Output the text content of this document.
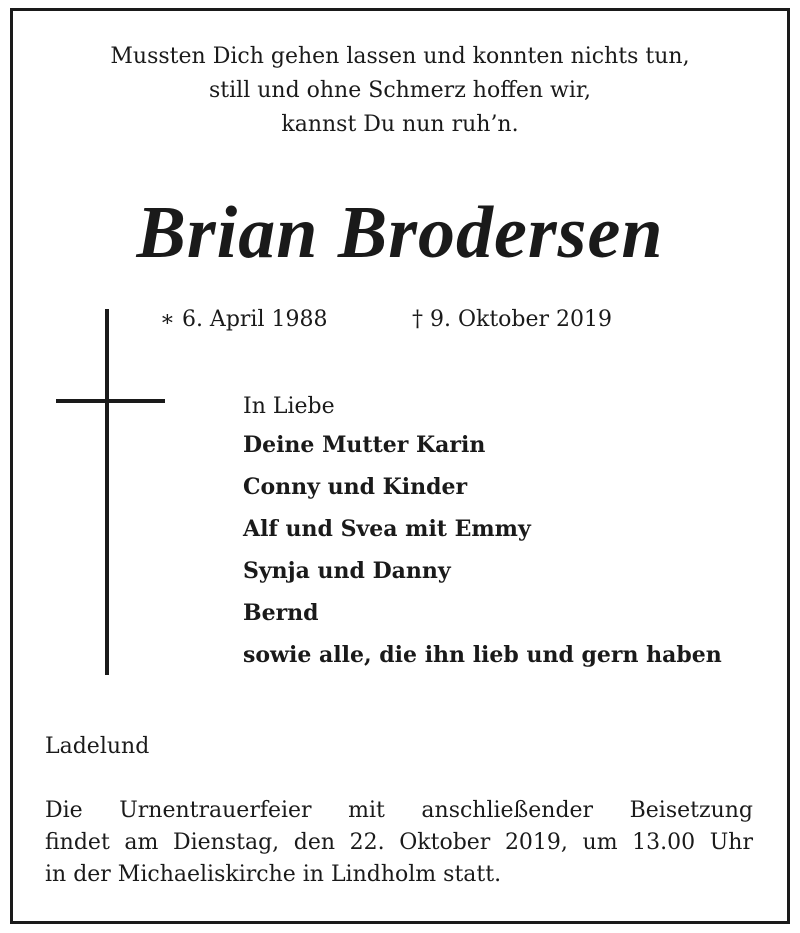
Mussten Dich gehen lassen und konnten nichts tun,
still und ohne Schmerz hoffen wir,
kannst Du nun ruh’n.
Brian Brodersen
∗ 6. April 1988	† 9. Oktober 2019
In Liebe
Deine Mutter Karin
Conny und Kinder
Alf und Svea mit Emmy
Synja und Danny
Bernd
sowie alle, die ihn lieb und gern haben
Ladelund
Die Urnentrauerfeier mit anschließender Beisetzung
findet am Dienstag, den 22. Oktober 2019, um 13.00 Uhr
in der Michaeliskirche in Lindholm statt.
